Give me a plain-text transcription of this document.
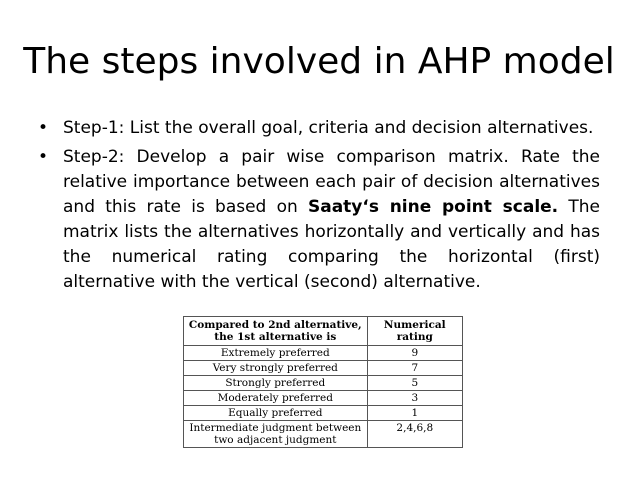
The steps involved in AHP model
• Step-1: List the overall goal, criteria and decision alternatives.
• Step-2: Develop a pair wise comparison matrix. Rate the relative importance between each pair of decision alternatives and this rate is based on Saaty‘s nine point scale. The matrix lists the alternatives horizontally and vertically and has the numerical rating comparing the horizontal (first) alternative with the vertical (second) alternative.
Compared to 2nd alternative, the 1st alternative is	Numerical rating
Extremely preferred	9
Very strongly preferred	7
Strongly preferred	5
Moderately preferred	3
Equally preferred	1
Intermediate judgment between two adjacent judgment	2,4,6,8
